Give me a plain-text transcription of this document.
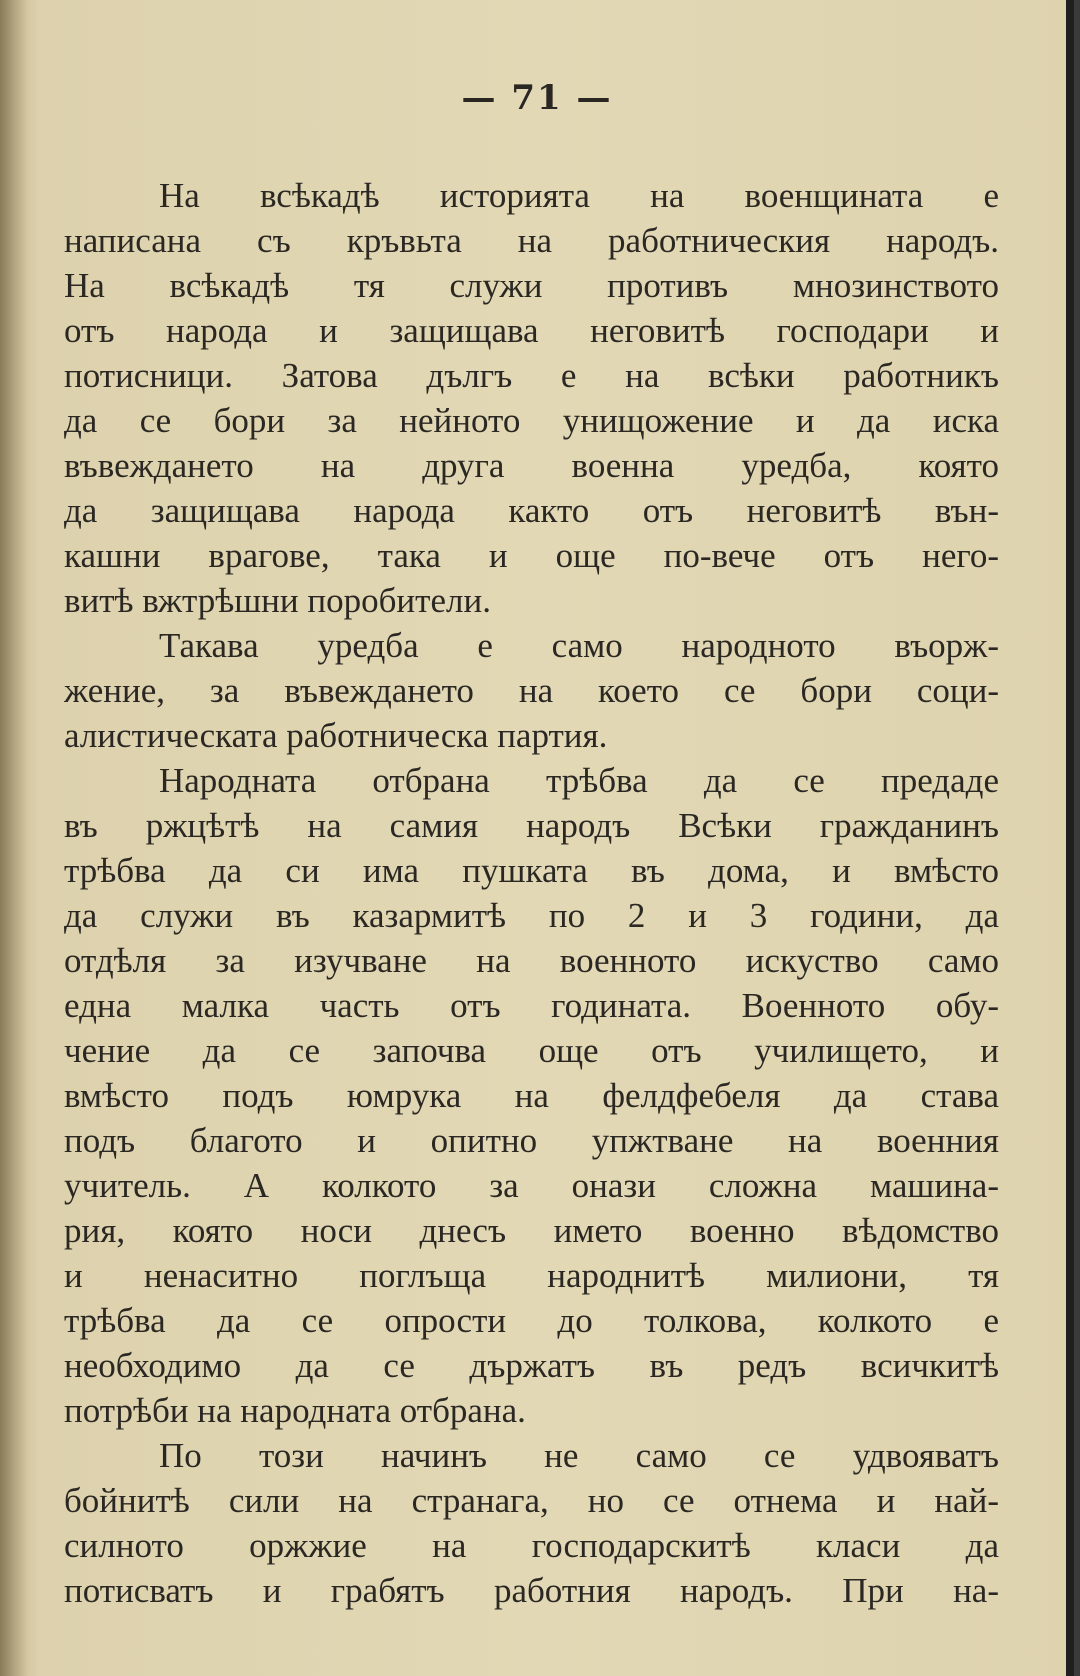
— 71 —
На всѣкадѣ историята на военщината е
написана съ кръвьта на работническия народъ.
На всѣкадѣ тя служи противъ мнозинството
отъ народа и защищава неговитѣ господари и
потисници. Затова дългъ е на всѣки работникъ
да се бори за нейното унищожение и да иска
въвеждането на друга военна уредба, която
да защищава народа както отъ неговитѣ вън-
кашни врагове, така и още по-вече отъ него-
витѣ вжтрѣшни поробители.
Такава уредба е само народното въорж-
жение, за въвеждането на което се бори соци-
алистическата работническа партия.
Народната отбрана трѣбва да се предаде
въ ржцѣтѣ на самия народъ Всѣки гражданинъ
трѣбва да си има пушката въ дома, и вмѣсто
да служи въ казармитѣ по 2 и 3 години, да
отдѣля за изучване на военното искуство само
една малка часть отъ годината. Военното обу-
чение да се започва още отъ училището, и
вмѣсто подъ юмрука на фелдфебеля да става
подъ благото и опитно упжтване на военния
учитель. А колкото за онази сложна машина-
рия, която носи днесъ името военно вѣдомство
и ненаситно поглъща народнитѣ милиони, тя
трѣбва да се опрости до толкова, колкото е
необходимо да се държатъ въ редъ всичкитѣ
потрѣби на народната отбрана.
По този начинъ не само се удвояватъ
бойнитѣ сили на странага, но се отнема и най-
силното оржжие на господарскитѣ класи да
потисватъ и грабятъ работния народъ. При на-
